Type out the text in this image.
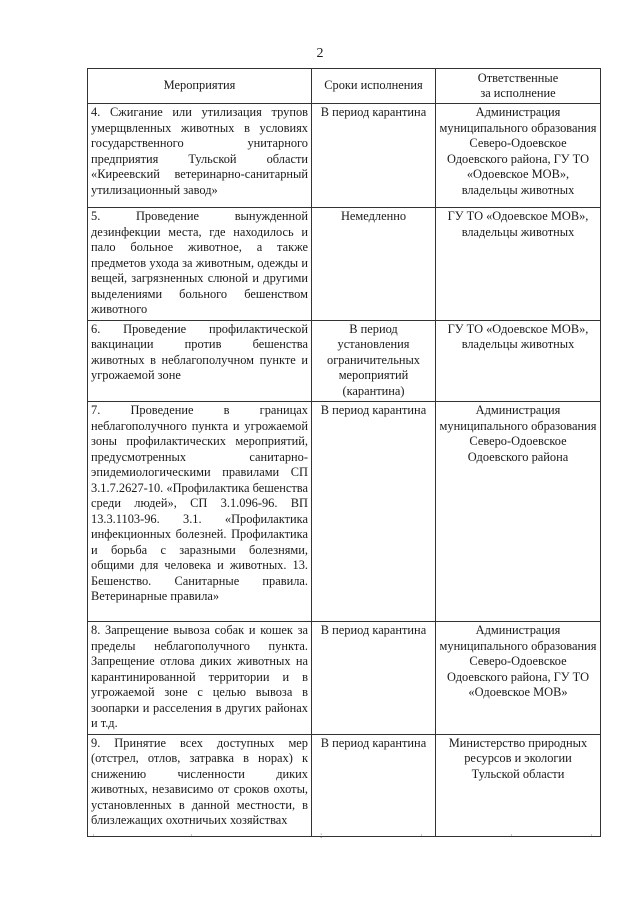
2
Мероприятия	Сроки исполнения	Ответственные
за исполнение
4. Сжигание или утилизация трупов умерщвленных животных в условиях государственного унитарного предприятия Тульской области «Киреевский ветеринарно-санитарный утилизационный завод»	В период карантина	Администрация муниципального образования Северо-Одоевское Одоевского района, ГУ ТО «Одоевское МОВ», владельцы животных
5. Проведение вынужденной дезинфекции места, где находилось и пало больное животное, а также предметов ухода за животным, одежды и вещей, загрязненных слюной и другими выделениями больного бешенством животного	Немедленно	ГУ ТО «Одоевское МОВ», владельцы животных
6. Проведение профилактической вакцинации против бешенства животных в неблагополучном пункте и угрожаемой зоне	В период установления ограничительных мероприятий (карантина)	ГУ ТО «Одоевское МОВ», владельцы животных
7. Проведение в границах неблагополучного пункта и угрожаемой зоны профилактических мероприятий, предусмотренных санитарно-эпидемиологическими правилами СП 3.1.7.2627-10. «Профилактика бешенства среди людей», СП 3.1.096-96. ВП 13.3.1103-96. 3.1. «Профилактика инфекционных болезней. Профилактика и борьба с заразными болезнями, общими для человека и животных. 13. Бешенство. Санитарные правила. Ветеринарные правила»	В период карантина	Администрация муниципального образования Северо-Одоевское Одоевского района
8. Запрещение вывоза собак и кошек за пределы неблагополучного пункта. Запрещение отлова диких животных на карантинированной территории и в угрожаемой зоне с целью вывоза в зоопарки и расселения в других районах и т.д.	В период карантина	Администрация муниципального образования Северо-Одоевское Одоевского района, ГУ ТО «Одоевское МОВ»
9. Принятие всех доступных мер (отстрел, отлов, затравка в норах) к снижению численности диких животных, независимо от сроков охоты, установленных в данной местности, в близлежащих охотничьих хозяйствах	В период карантина	Министерство природных ресурсов и экологии Тульской области
·	·	:	·	·	·
